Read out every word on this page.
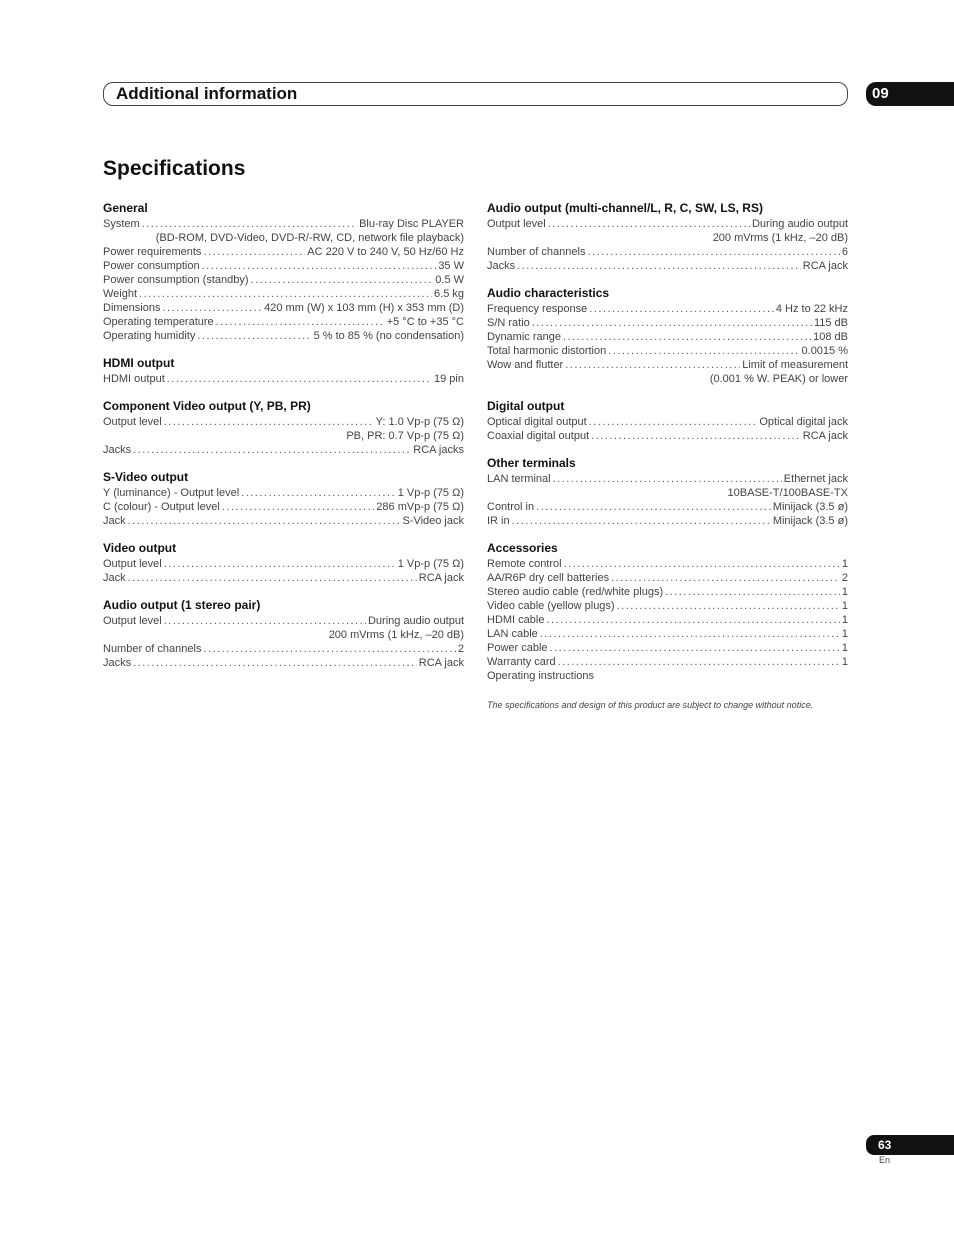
Additional information	09
Specifications
General
System .....	Blu-ray Disc PLAYER
(BD-ROM, DVD-Video, DVD-R/-RW, CD, network file playback)
Power requirements .....	AC 220 V to 240 V, 50 Hz/60 Hz
Power consumption .....	35 W
Power consumption (standby) .....	0.5 W
Weight .....	6.5 kg
Dimensions .....	420 mm (W) x 103 mm (H) x 353 mm (D)
Operating temperature .....	+5 °C to +35 °C
Operating humidity .....	5 % to 85 % (no condensation)
HDMI output
HDMI output .....	19 pin
Component Video output (Y, PB, PR)
Output level .....	Y: 1.0 Vp-p (75 Ω)
PB, PR: 0.7 Vp-p (75 Ω)
Jacks .....	RCA jacks
S-Video output
Y (luminance) - Output level .....	1 Vp-p (75 Ω)
C (colour) - Output level .....	286 mVp-p (75 Ω)
Jack .....	S-Video jack
Video output
Output level .....	1 Vp-p (75 Ω)
Jack .....	RCA jack
Audio output (1 stereo pair)
Output level .....	During audio output
200 mVrms (1 kHz, –20 dB)
Number of channels .....	2
Jacks .....	RCA jack
Audio output (multi-channel/L, R, C, SW, LS, RS)
Output level .....	During audio output
200 mVrms (1 kHz, –20 dB)
Number of channels .....	6
Jacks .....	RCA jack
Audio characteristics
Frequency response .....	4 Hz to 22 kHz
S/N ratio .....	115 dB
Dynamic range .....	108 dB
Total harmonic distortion .....	0.0015 %
Wow and flutter .....	Limit of measurement
(0.001 % W. PEAK) or lower
Digital output
Optical digital output .....	Optical digital jack
Coaxial digital output .....	RCA jack
Other terminals
LAN terminal .....	Ethernet jack
10BASE-T/100BASE-TX
Control in .....	Minijack (3.5 ø)
IR in .....	Minijack (3.5 ø)
Accessories
Remote control .....	1
AA/R6P dry cell batteries .....	2
Stereo audio cable (red/white plugs) .....	1
Video cable (yellow plugs) .....	1
HDMI cable .....	1
LAN cable .....	1
Power cable .....	1
Warranty card .....	1
Operating instructions
The specifications and design of this product are subject to change without notice.
63
En
